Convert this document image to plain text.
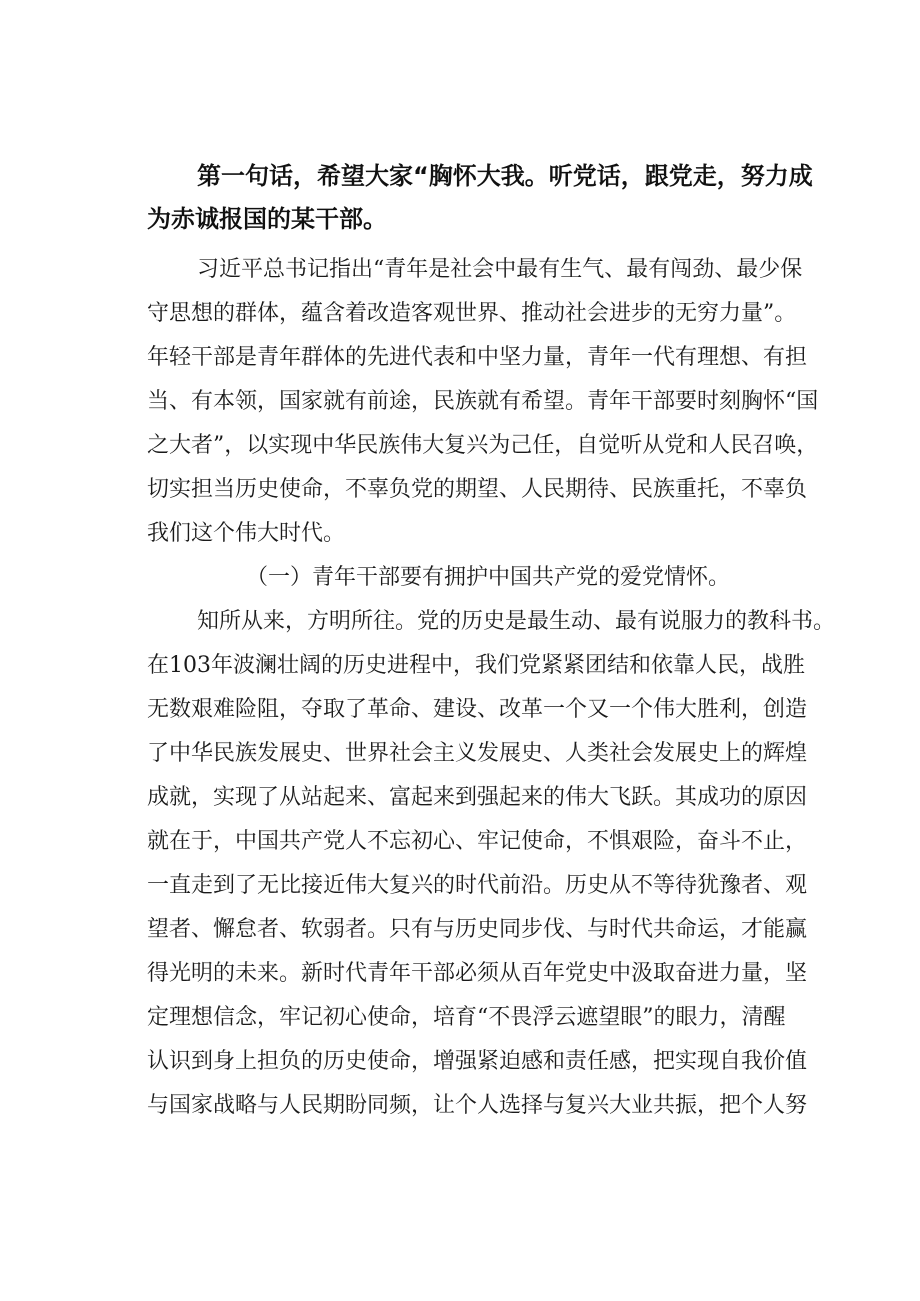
第一句话，希望大家“胸怀大我。听党话，跟党走，努力成
为赤诚报国的某干部。
习近平总书记指出“青年是社会中最有生气、最有闯劲、最少保
守思想的群体，蕴含着改造客观世界、推动社会进步的无穷力量”。
年轻干部是青年群体的先进代表和中坚力量，青年一代有理想、有担
当、有本领，国家就有前途，民族就有希望。青年干部要时刻胸怀“国
之大者”，以实现中华民族伟大复兴为己任，自觉听从党和人民召唤，
切实担当历史使命，不辜负党的期望、人民期待、民族重托，不辜负
我们这个伟大时代。
（一）青年干部要有拥护中国共产党的爱党情怀。
知所从来，方明所往。党的历史是最生动、最有说服力的教科书。
在103年波澜壮阔的历史进程中，我们党紧紧团结和依靠人民，战胜
无数艰难险阻，夺取了革命、建设、改革一个又一个伟大胜利，创造
了中华民族发展史、世界社会主义发展史、人类社会发展史上的辉煌
成就，实现了从站起来、富起来到强起来的伟大飞跃。其成功的原因
就在于，中国共产党人不忘初心、牢记使命，不惧艰险，奋斗不止，
一直走到了无比接近伟大复兴的时代前沿。历史从不等待犹豫者、观
望者、懈怠者、软弱者。只有与历史同步伐、与时代共命运，才能赢
得光明的未来。新时代青年干部必须从百年党史中汲取奋进力量，坚
定理想信念，牢记初心使命，培育“不畏浮云遮望眼”的眼力，清醒
认识到身上担负的历史使命，增强紧迫感和责任感，把实现自我价值
与国家战略与人民期盼同频，让个人选择与复兴大业共振，把个人努
